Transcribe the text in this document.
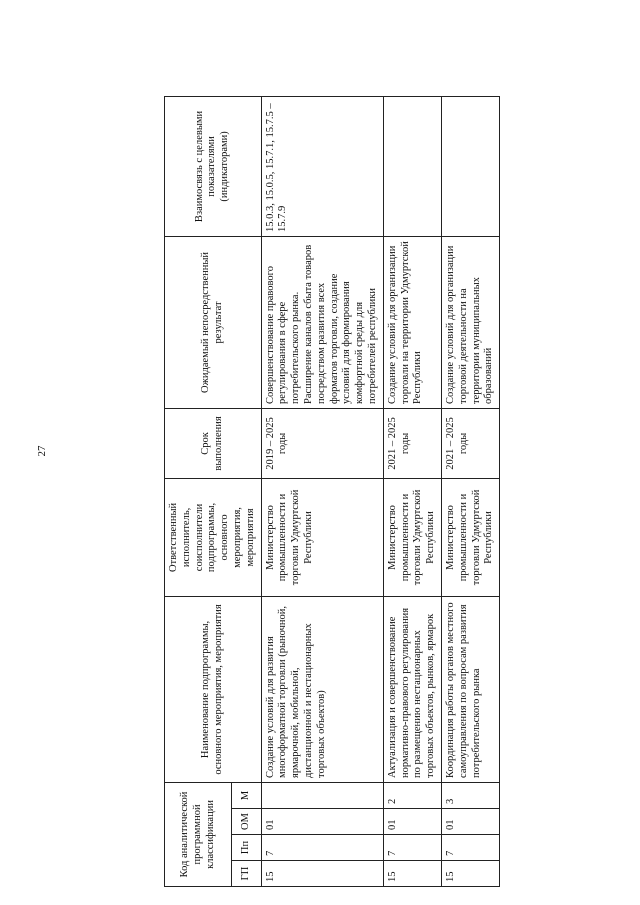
27
Код аналитической программной классификации				Наименование подпрограммы, основного мероприятия, мероприятия	Ответственный исполнитель, соисполнители подпрограммы, основного мероприятия, мероприятия	Срок выполнения	Ожидаемый непосредственный результат	Взаимосвязь с целевыми показателями (индикаторами)
ГП	Пп	ОМ	М					
15	7	01		Создание условий для развития многоформатной торговли (рыночной, ярмарочной, мобильной, дистанционной и нестационарных торговых объектов)	Министерство промышленности и торговли Удмуртской Республики	2019 – 2025 годы	Совершенствование правового регулирования в сфере потребительского рынка. Расширение каналов сбыта товаров посредством развития всех форматов торговли, создание условий для формирования комфортной среды для потребителей республики	15.0.3, 15.0.5, 15.7.1, 15.7.5 – 15.7.9
15	7	01	2	Актуализация и совершенствование нормативно-правового регулирования по размещению нестационарных торговых объектов, рынков, ярмарок	Министерство промышленности и торговли Удмуртской Республики	2021 – 2025 годы	Создание условий для организации торговли на территории Удмуртской Республики	
15	7	01	3	Координация работы органов местного самоуправления по вопросам развития потребительского рынка	Министерство промышленности и торговли Удмуртской Республики	2021 – 2025 годы	Создание условий для организации торговой деятельности на территории муниципальных образований	
